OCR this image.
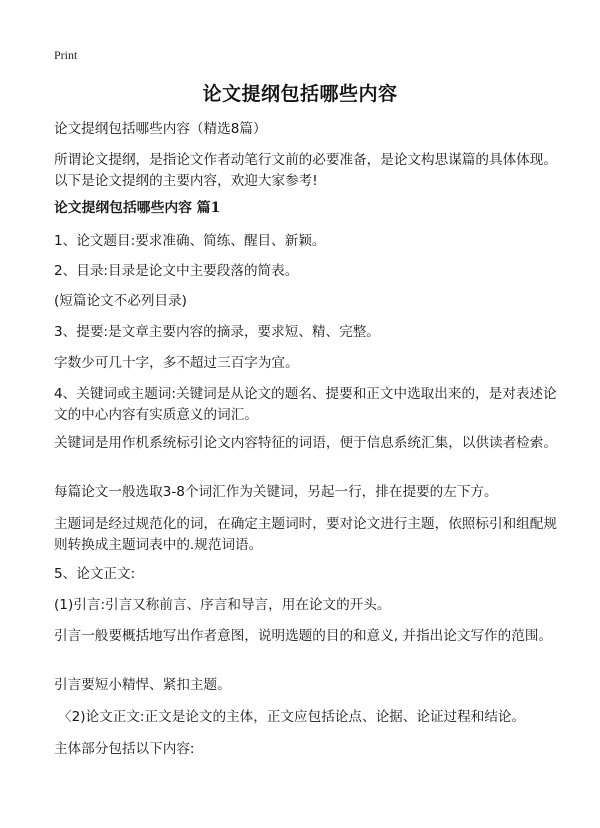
Print
论文提纲包括哪些内容
论文提纲包括哪些内容（精选8篇）
所谓论文提纲，是指论文作者动笔行文前的必要准备，是论文构思谋篇的具体体现。以下是论文提纲的主要内容，欢迎大家参考!
论文提纲包括哪些内容 篇1
1、论文题目:要求准确、简练、醒目、新颖。
2、目录:目录是论文中主要段落的简表。
(短篇论文不必列目录)
3、提要:是文章主要内容的摘录，要求短、精、完整。
字数少可几十字，多不超过三百字为宜。
4、关键词或主题词:关键词是从论文的题名、提要和正文中选取出来的，是对表述论文的中心内容有实质意义的词汇。
关键词是用作机系统标引论文内容特征的词语，便于信息系统汇集，以供读者检索。
每篇论文一般选取3-8个词汇作为关键词，另起一行，排在提要的左下方。
主题词是经过规范化的词，在确定主题词时，要对论文进行主题，依照标引和组配规则转换成主题词表中的.规范词语。
5、论文正文:
(1)引言:引言又称前言、序言和导言，用在论文的开头。
引言一般要概括地写出作者意图，说明选题的目的和意义, 并指出论文写作的范围。
引言要短小精悍、紧扣主题。
〈2)论文正文:正文是论文的主体，正文应包括论点、论据、论证过程和结论。
主体部分包括以下内容:
